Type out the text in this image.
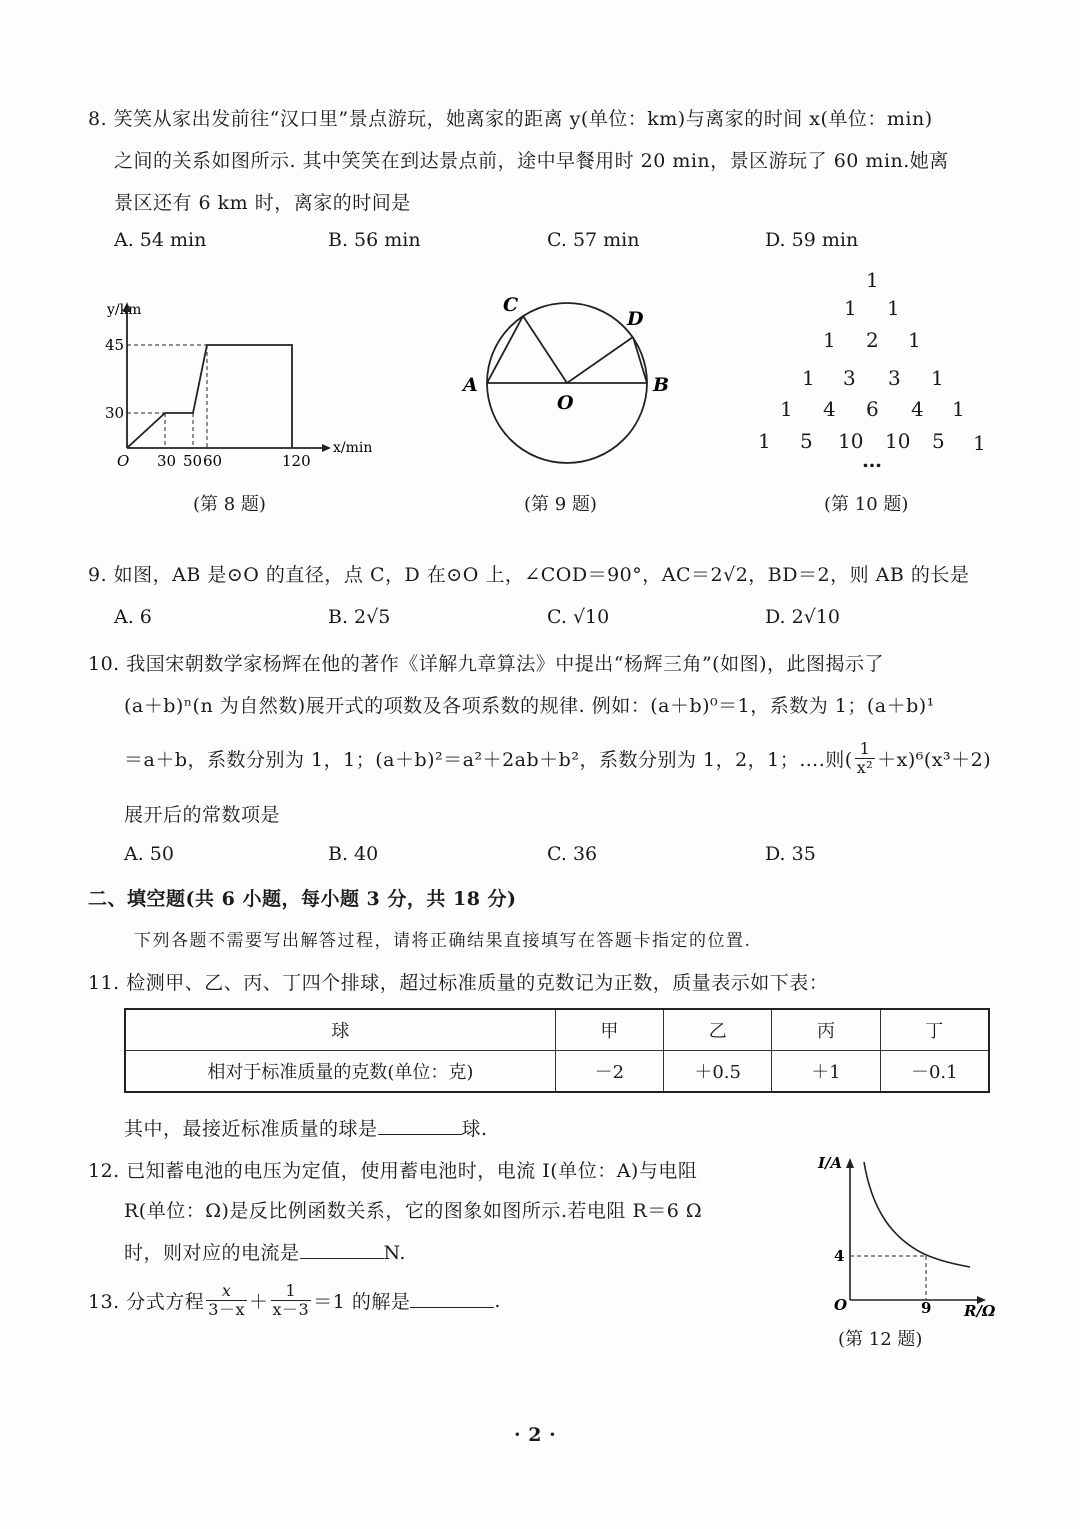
8. 笑笑从家出发前往“汉口里”景点游玩，她离家的距离 y(单位：km)与离家的时间 x(单位：min)
之间的关系如图所示. 其中笑笑在到达景点前，途中早餐用时 20 min，景区游玩了 60 min.她离
景区还有 6 km 时，离家的时间是
A. 54 min	B. 56 min	C. 57 min	D. 59 min
y/km
x/min
O
45
30
30 50 60	120
(第 8 题)
C
D
A
O
B
(第 9 题)
1
1 1
1 2 1
1 3 3 1
1 4 6 4 1
1 5 10 10 5 1
…
(第 10 题)
9. 如图，AB 是⊙O 的直径，点 C，D 在⊙O 上，∠COD＝90°，AC＝2√2，BD＝2，则 AB 的长是
A. 6	B. 2√5	C. √10	D. 2√10
10. 我国宋朝数学家杨辉在他的著作《详解九章算法》中提出“杨辉三角”(如图)，此图揭示了
(a＋b)ⁿ(n 为自然数)展开式的项数及各项系数的规律. 例如：(a＋b)⁰＝1，系数为 1；(a＋b)¹
＝a＋b，系数分别为 1，1；(a＋b)²＝a²＋2ab＋b²，系数分别为 1，2，1；….则( $\frac{1}{\text{x²}} +x)^6(x^3+2)$
展开后的常数项是
A. 50	B. 40	C. 36	D. 35
二、填空题(共 6 小题，每小题 3 分，共 18 分)
下列各题不需要写出解答过程，请将正确结果直接填写在答题卡指定的位置.
11. 检测甲、乙、丙、丁四个排球，超过标准质量的克数记为正数，质量表示如下表：
球	甲	乙	丙	丁
相对于标准质量的克数(单位：克)	－2	＋0.5	＋1	－0.1
其中，最接近标准质量的球是	球.
12. 已知蓄电池的电压为定值，使用蓄电池时，电流 I(单位：A)与电阻
R(单位：Ω)是反比例函数关系，它的图象如图所示.若电阻 R＝6 Ω
时，则对应的电流是	N.
I/A
R/Ω
O
4
9
(第 12 题)
13. 分式方程 $\frac{x}{3-x} + \frac{1}{x-3} =1$ 的解是	.
· 2 ·
